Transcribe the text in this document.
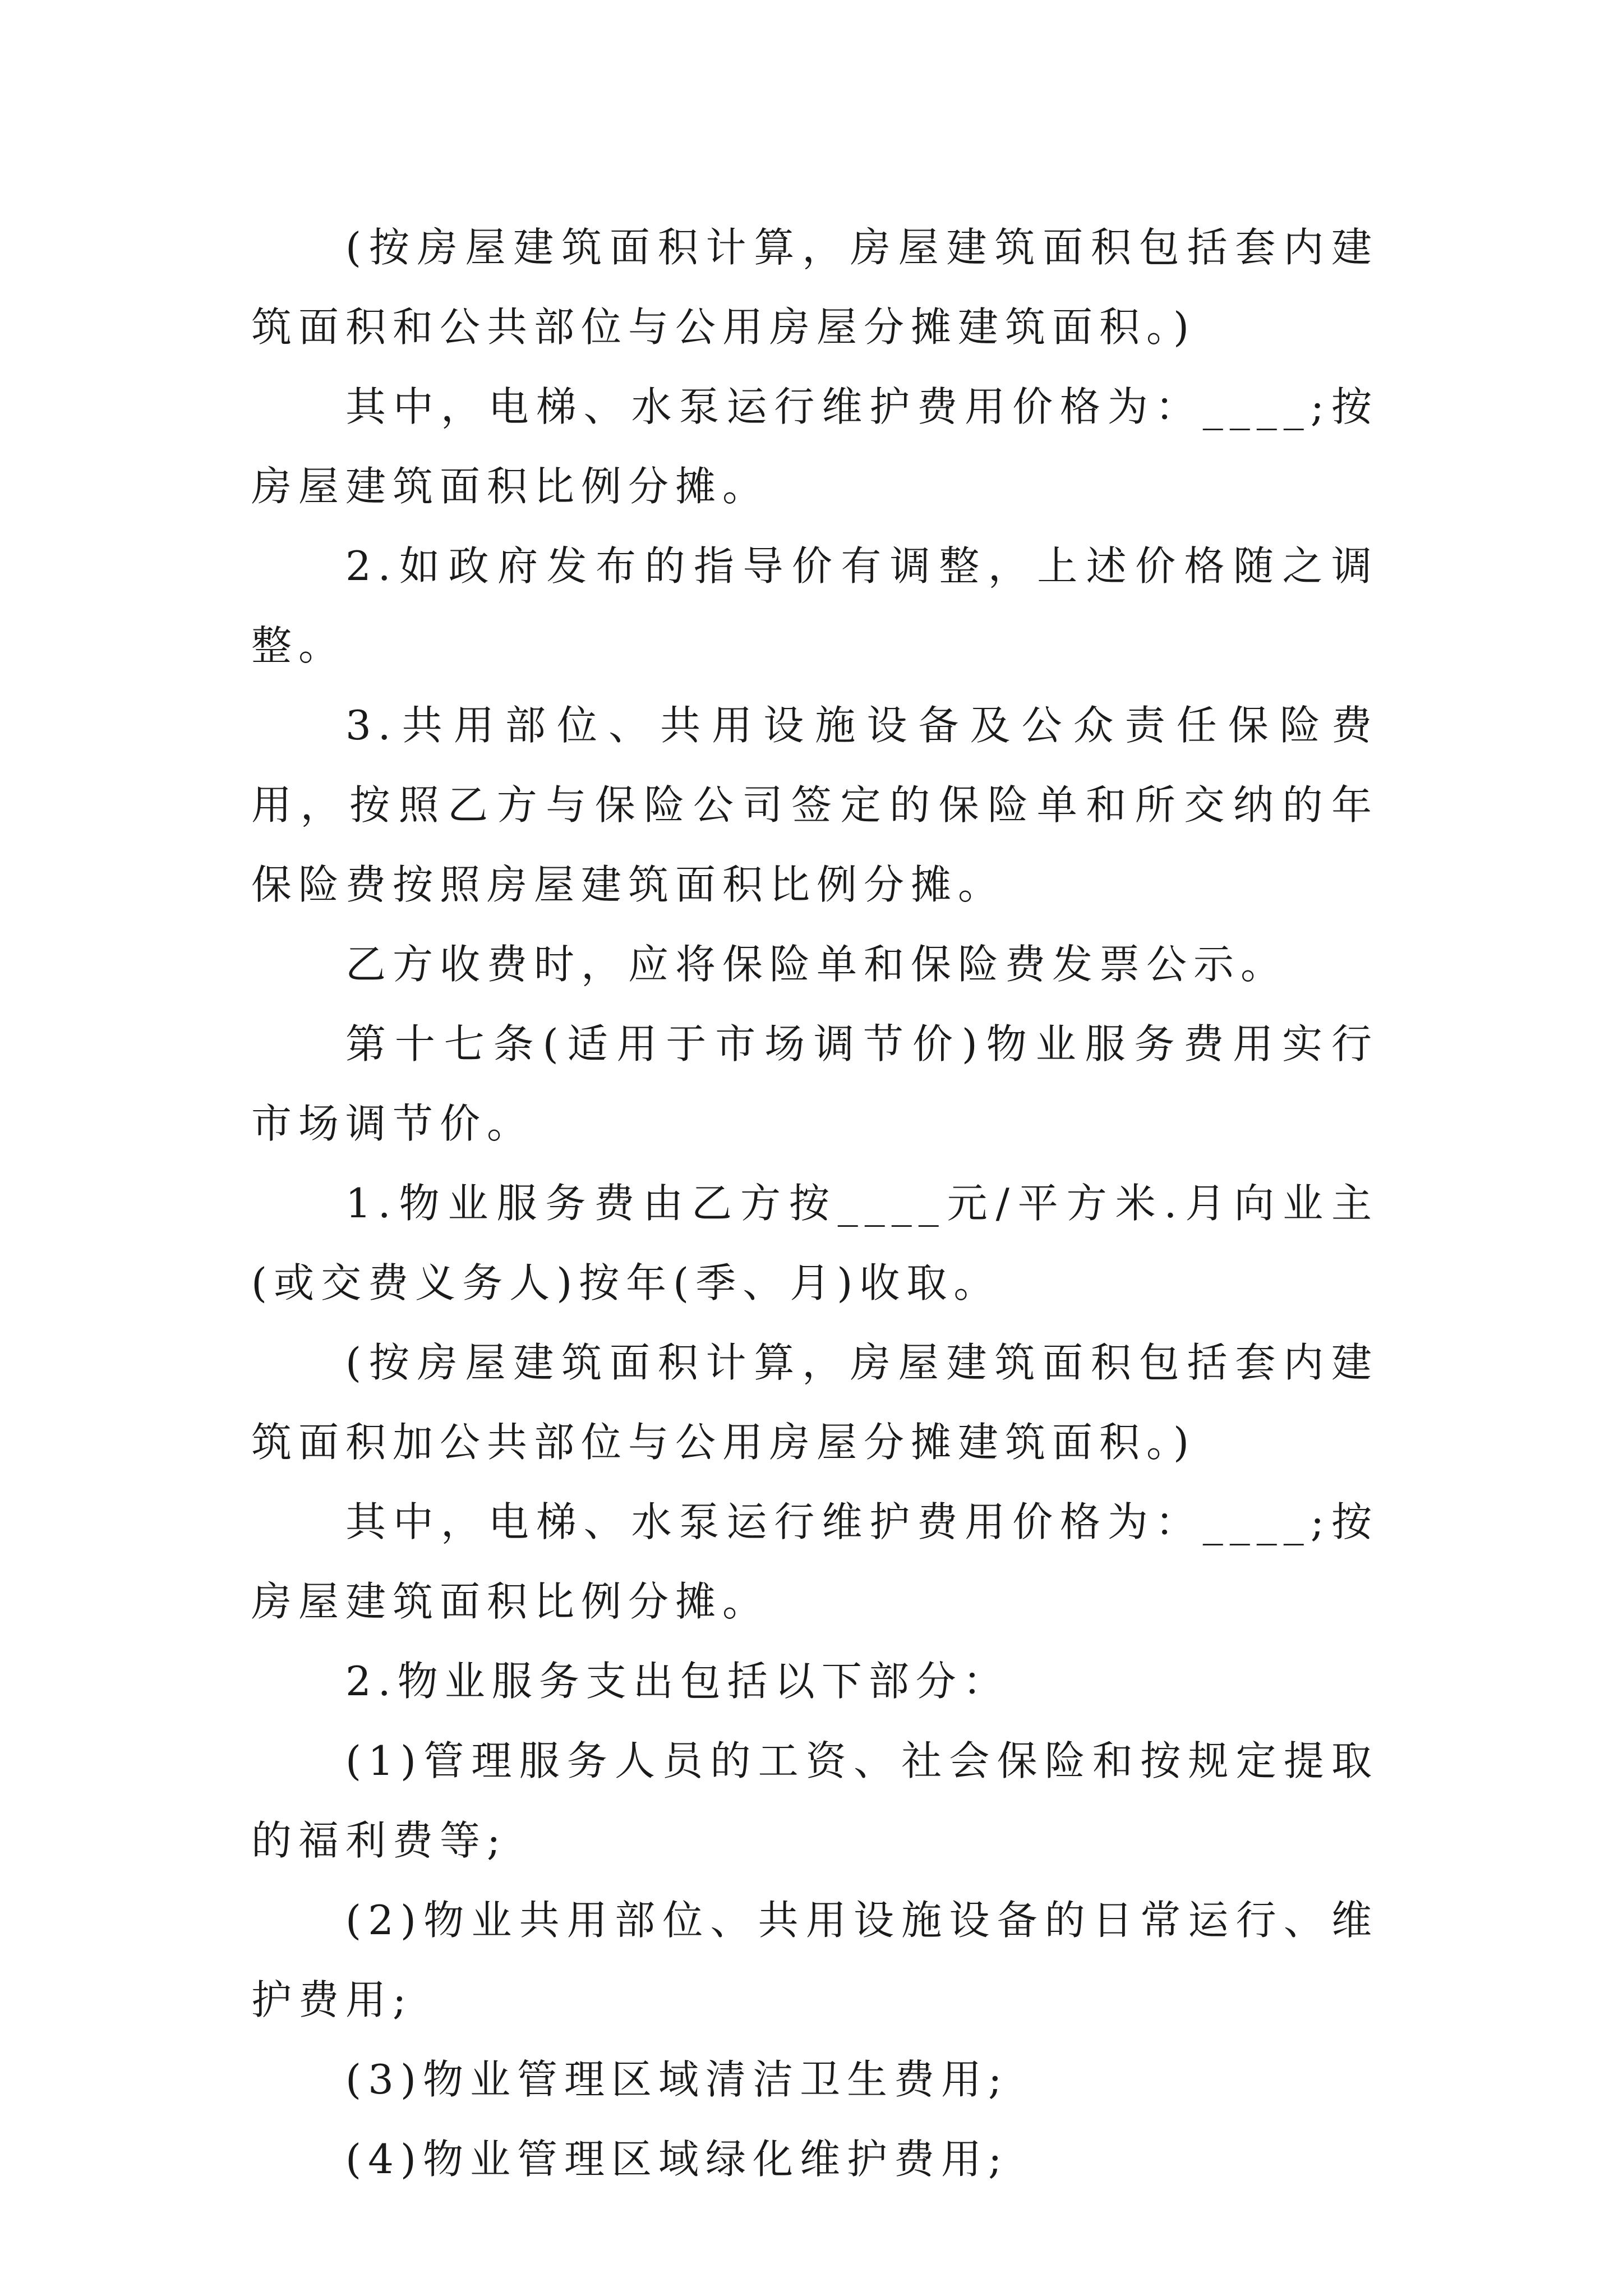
(按房屋建筑面积计算，房屋建筑面积包括套内建筑面积和公共部位与公用房屋分摊建筑面积。)

其中，电梯、水泵运行维护费用价格为：____;按房屋建筑面积比例分摊。

2.如政府发布的指导价有调整，上述价格随之调整。

3.共用部位、共用设施设备及公众责任保险费用，按照乙方与保险公司签定的保险单和所交纳的年保险费按照房屋建筑面积比例分摊。

乙方收费时，应将保险单和保险费发票公示。

第十七条(适用于市场调节价)物业服务费用实行市场调节价。

1.物业服务费由乙方按____元/平方米.月向业主(或交费义务人)按年(季、月)收取。

(按房屋建筑面积计算，房屋建筑面积包括套内建筑面积加公共部位与公用房屋分摊建筑面积。)

其中，电梯、水泵运行维护费用价格为：____;按房屋建筑面积比例分摊。

2.物业服务支出包括以下部分：

(1)管理服务人员的工资、社会保险和按规定提取的福利费等;

(2)物业共用部位、共用设施设备的日常运行、维护费用;

(3)物业管理区域清洁卫生费用;

(4)物业管理区域绿化维护费用;
